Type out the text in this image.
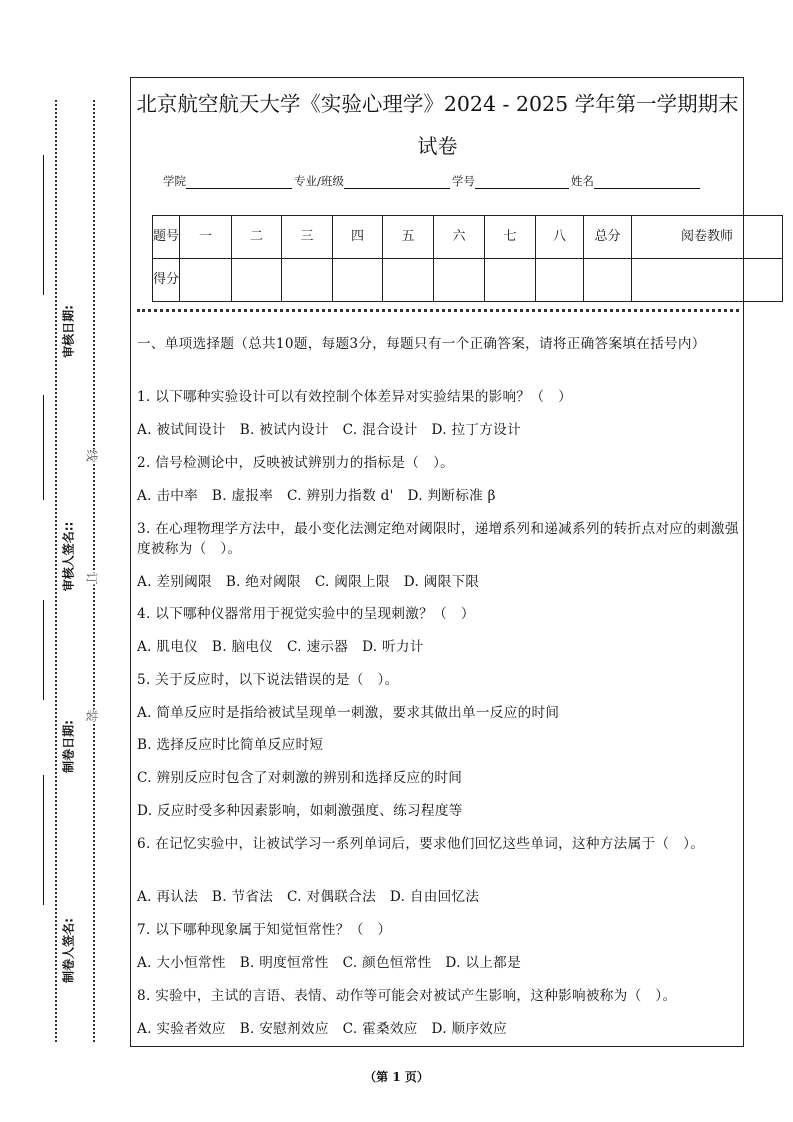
审核日期:
审核人签名::
制卷日期:
制卷人签名:
线
订
装
北京航空航天大学《实验心理学》2024 - 2025 学年第一学期期末
试卷
学院	专业/班级	学号	姓名
题号	一	二	三	四	五	六	七	八	总分	阅卷教师
得分										
一、单项选择题（总共10题，每题3分，每题只有一个正确答案，请将正确答案填在括号内）
1. 以下哪种实验设计可以有效控制个体差异对实验结果的影响？（　）
A. 被试间设计　B. 被试内设计　C. 混合设计　D. 拉丁方设计
2. 信号检测论中，反映被试辨别力的指标是（　）。
A. 击中率　B. 虚报率　C. 辨别力指数 d'　D. 判断标准 β
3. 在心理物理学方法中，最小变化法测定绝对阈限时，递增系列和递减系列的转折点对应的刺激强度被称为（　）。
A. 差别阈限　B. 绝对阈限　C. 阈限上限　D. 阈限下限
4. 以下哪种仪器常用于视觉实验中的呈现刺激？（　）
A. 肌电仪　B. 脑电仪　C. 速示器　D. 听力计
5. 关于反应时，以下说法错误的是（　）。
A. 简单反应时是指给被试呈现单一刺激，要求其做出单一反应的时间
B. 选择反应时比简单反应时短
C. 辨别反应时包含了对刺激的辨别和选择反应的时间
D. 反应时受多种因素影响，如刺激强度、练习程度等
6. 在记忆实验中，让被试学习一系列单词后，要求他们回忆这些单词，这种方法属于（　）。
A. 再认法　B. 节省法　C. 对偶联合法　D. 自由回忆法
7. 以下哪种现象属于知觉恒常性？（　）
A. 大小恒常性　B. 明度恒常性　C. 颜色恒常性　D. 以上都是
8. 实验中，主试的言语、表情、动作等可能会对被试产生影响，这种影响被称为（　）。
A. 实验者效应　B. 安慰剂效应　C. 霍桑效应　D. 顺序效应
（第 1 页）
